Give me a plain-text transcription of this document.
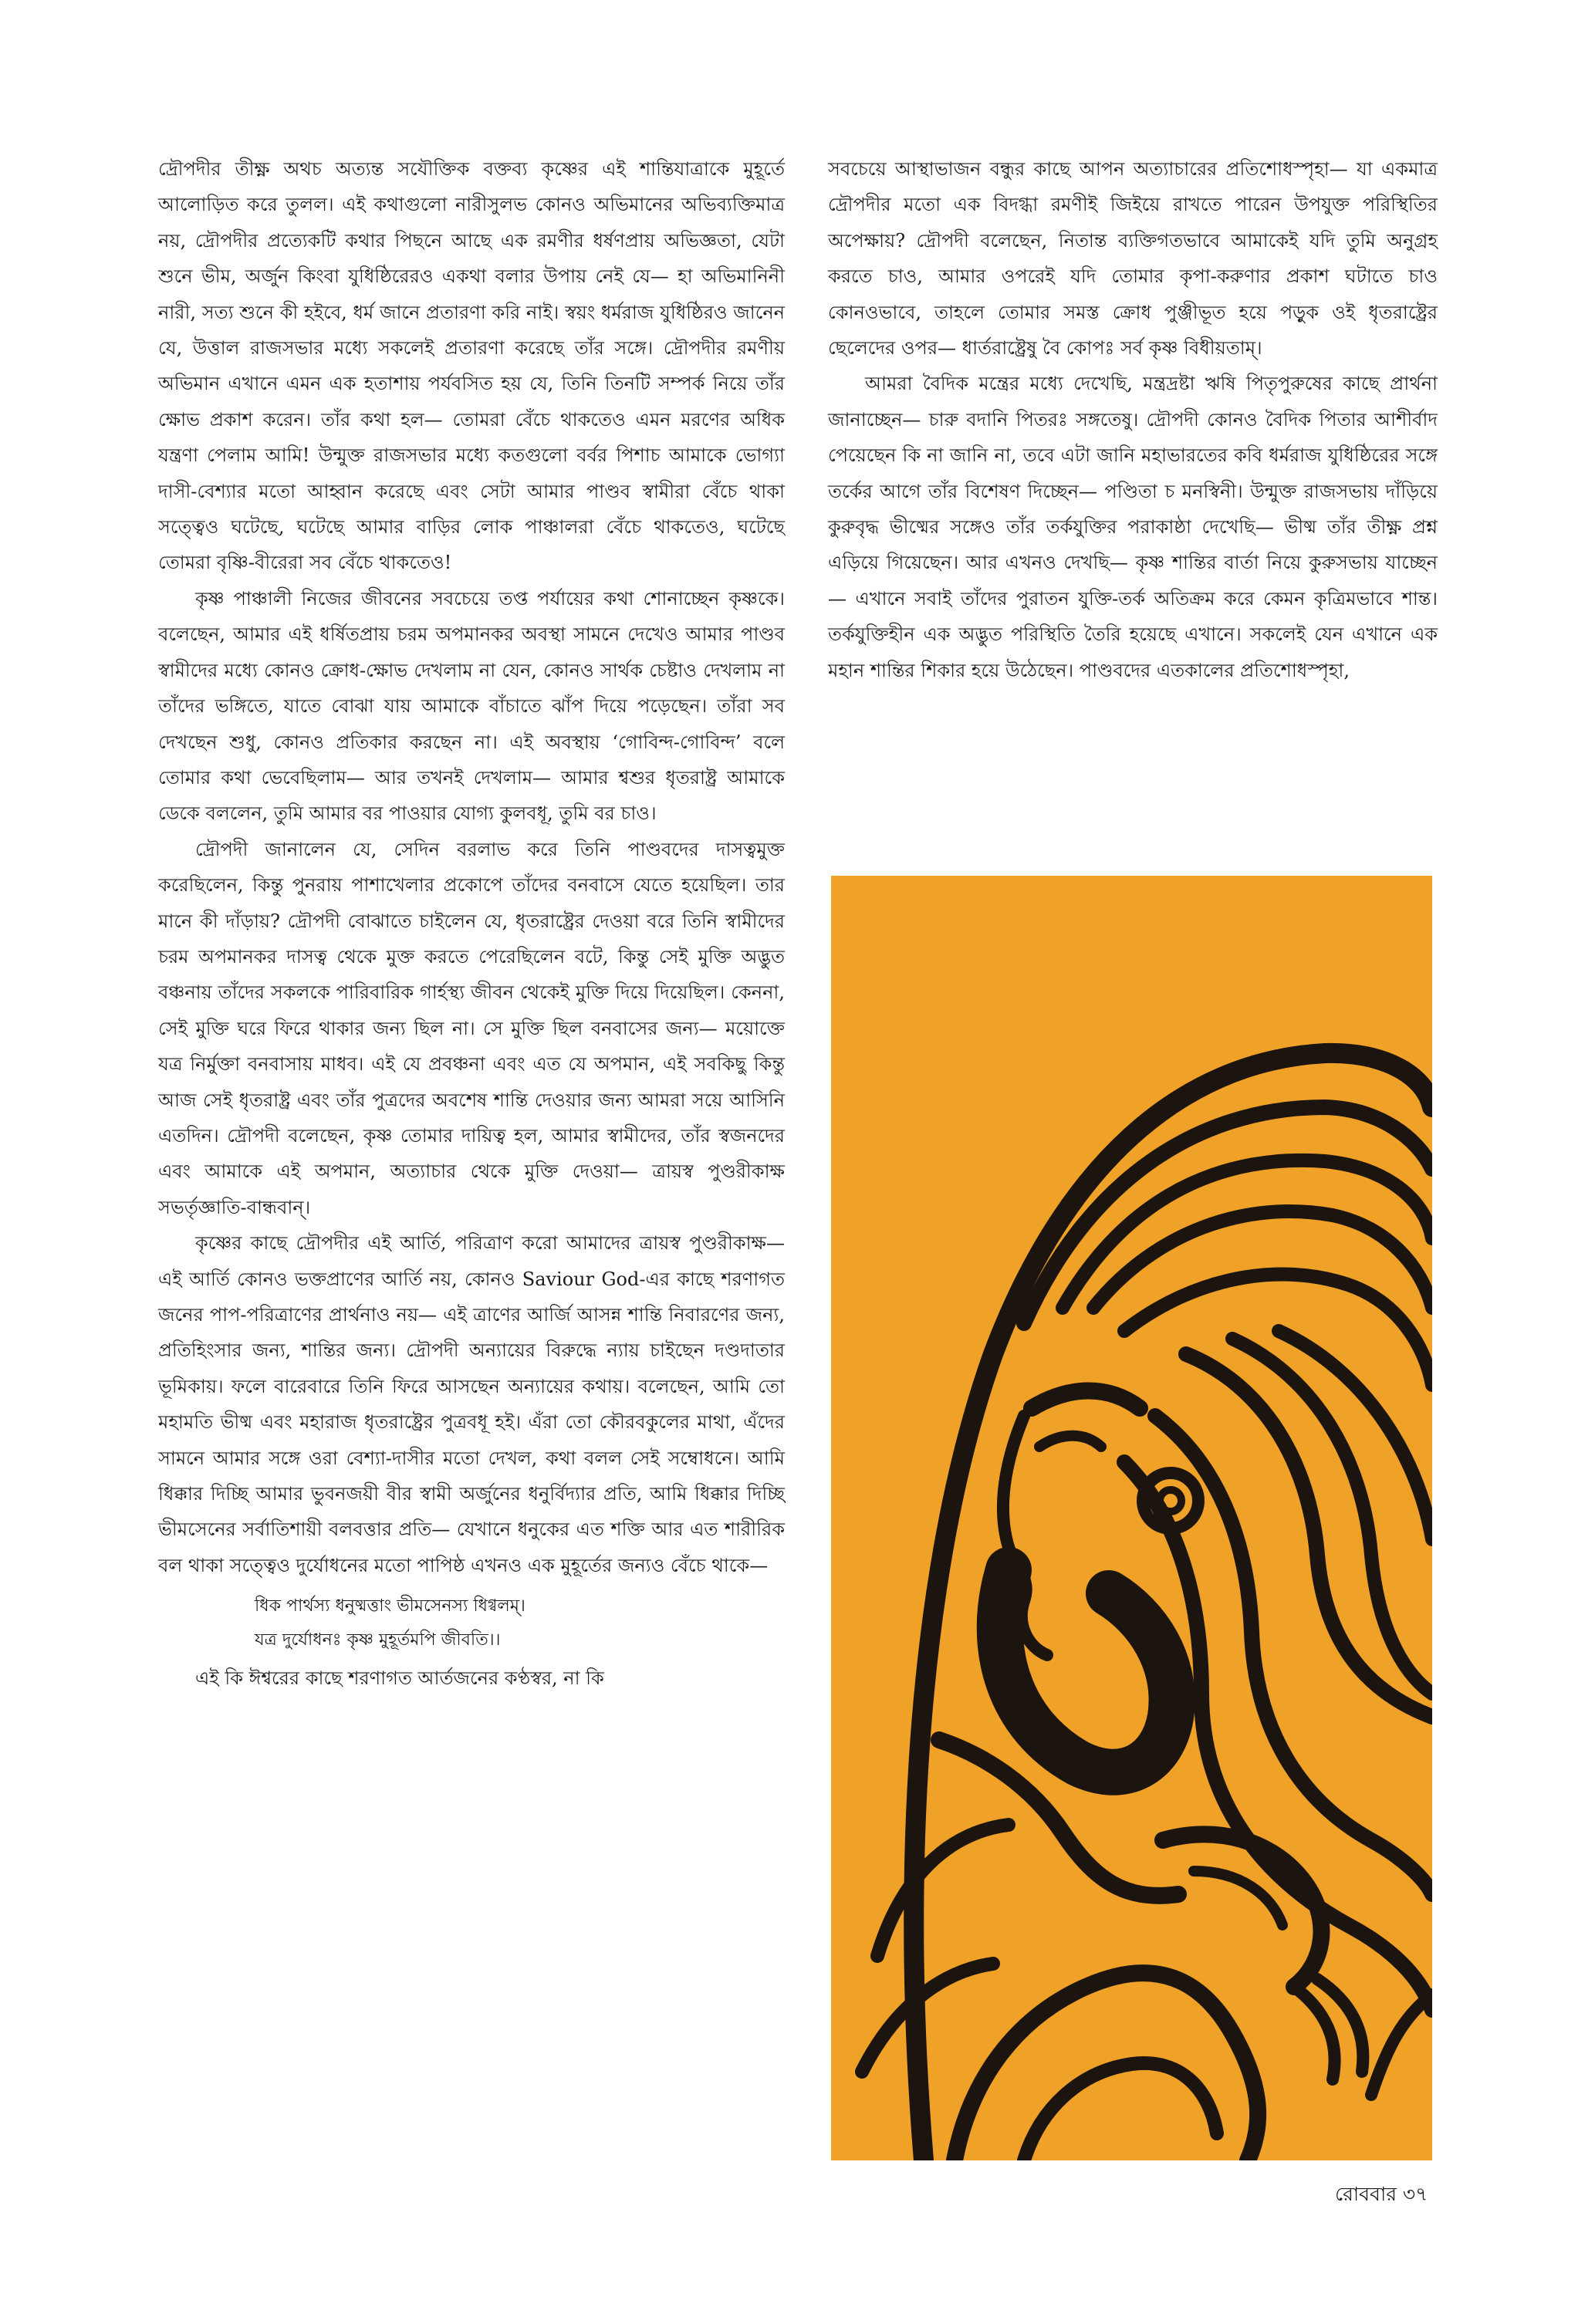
দ্রৌপদীর তীক্ষ্ণ অথচ অত্যন্ত সযৌক্তিক বক্তব্য কৃষ্ণের এই শান্তিযাত্রাকে মুহূর্তে আলোড়িত করে তুলল। এই কথাগুলো নারীসুলভ কোনও অভিমানের অভিব্যক্তিমাত্র নয়, দ্রৌপদীর প্রত্যেকটি কথার পিছনে আছে এক রমণীর ধর্ষণপ্রায় অভিজ্ঞতা, যেটা শুনে ভীম, অর্জুন কিংবা যুধিষ্ঠিরেরও একথা বলার উপায় নেই যে— হা অভিমানিনী নারী, সত্য শুনে কী হইবে, ধর্ম জানে প্রতারণা করি নাই। স্বয়ং ধর্মরাজ যুধিষ্ঠিরও জানেন যে, উত্তাল রাজসভার মধ্যে সকলেই প্রতারণা করেছে তাঁর সঙ্গে। দ্রৌপদীর রমণীয় অভিমান এখানে এমন এক হতাশায় পর্যবসিত হয় যে, তিনি তিনটি সম্পর্ক নিয়ে তাঁর ক্ষোভ প্রকাশ করেন। তাঁর কথা হল— তোমরা বেঁচে থাকতেও এমন মরণের অধিক যন্ত্রণা পেলাম আমি! উন্মুক্ত রাজসভার মধ্যে কতগুলো বর্বর পিশাচ আমাকে ভোগ্যা দাসী-বেশ্যার মতো আহ্বান করেছে এবং সেটা আমার পাণ্ডব স্বামীরা বেঁচে থাকা সত্ত্বেও ঘটেছে, ঘটেছে আমার বাড়ির লোক পাঞ্চালরা বেঁচে থাকতেও, ঘটেছে তোমরা বৃষ্ণি-বীরেরা সব বেঁচে থাকতেও!

কৃষ্ণ পাঞ্চালী নিজের জীবনের সবচেয়ে তপ্ত পর্যায়ের কথা শোনাচ্ছেন কৃষ্ণকে। বলেছেন, আমার এই ধর্ষিতপ্রায় চরম অপমানকর অবস্থা সামনে দেখেও আমার পাণ্ডব স্বামীদের মধ্যে কোনও ক্রোধ-ক্ষোভ দেখলাম না যেন, কোনও সার্থক চেষ্টাও দেখলাম না তাঁদের ভঙ্গিতে, যাতে বোঝা যায় আমাকে বাঁচাতে ঝাঁপ দিয়ে পড়েছেন। তাঁরা সব দেখছেন শুধু, কোনও প্রতিকার করছেন না। এই অবস্থায় ‘গোবিন্দ-গোবিন্দ’ বলে তোমার কথা ভেবেছিলাম— আর তখনই দেখলাম— আমার শ্বশুর ধৃতরাষ্ট্র আমাকে ডেকে বললেন, তুমি আমার বর পাওয়ার যোগ্য কুলবধূ, তুমি বর চাও।

দ্রৌপদী জানালেন যে, সেদিন বরলাভ করে তিনি পাণ্ডবদের দাসত্বমুক্ত করেছিলেন, কিন্তু পুনরায় পাশাখেলার প্রকোপে তাঁদের বনবাসে যেতে হয়েছিল। তার মানে কী দাঁড়ায়? দ্রৌপদী বোঝাতে চাইলেন যে, ধৃতরাষ্ট্রের দেওয়া বরে তিনি স্বামীদের চরম অপমানকর দাসত্ব থেকে মুক্ত করতে পেরেছিলেন বটে, কিন্তু সেই মুক্তি অদ্ভুত বঞ্চনায় তাঁদের সকলকে পারিবারিক গার্হস্থ্য জীবন থেকেই মুক্তি দিয়ে দিয়েছিল। কেননা, সেই মুক্তি ঘরে ফিরে থাকার জন্য ছিল না। সে মুক্তি ছিল বনবাসের জন্য— ময়োক্তে যত্র নির্মুক্তা বনবাসায় মাধব। এই যে প্রবঞ্চনা এবং এত যে অপমান, এই সবকিছু কিন্তু আজ সেই ধৃতরাষ্ট্র এবং তাঁর পুত্রদের অবশেষ শান্তি দেওয়ার জন্য আমরা সয়ে আসিনি এতদিন। দ্রৌপদী বলেছেন, কৃষ্ণ তোমার দায়িত্ব হল, আমার স্বামীদের, তাঁর স্বজনদের এবং আমাকে এই অপমান, অত্যাচার থেকে মুক্তি দেওয়া— ত্রায়স্ব পুণ্ডরীকাক্ষ সভর্তৃজ্ঞাতি-বান্ধবান্।

কৃষ্ণের কাছে দ্রৌপদীর এই আর্তি, পরিত্রাণ করো আমাদের ত্রায়স্ব পুণ্ডরীকাক্ষ— এই আর্তি কোনও ভক্তপ্রাণের আর্তি নয়, কোনও Saviour God-এর কাছে শরণাগত জনের পাপ-পরিত্রাণের প্রার্থনাও নয়— এই ত্রাণের আর্জি আসন্ন শান্তি নিবারণের জন্য, প্রতিহিংসার জন্য, শান্তির জন্য। দ্রৌপদী অন্যায়ের বিরুদ্ধে ন্যায় চাইছেন দণ্ডদাতার ভূমিকায়। ফলে বারেবারে তিনি ফিরে আসছেন অন্যায়ের কথায়। বলেছেন, আমি তো মহামতি ভীষ্ম এবং মহারাজ ধৃতরাষ্ট্রের পুত্রবধূ হই। এঁরা তো কৌরবকুলের মাথা, এঁদের সামনে আমার সঙ্গে ওরা বেশ্যা-দাসীর মতো দেখল, কথা বলল সেই সম্বোধনে। আমি ধিক্কার দিচ্ছি আমার ভুবনজয়ী বীর স্বামী অর্জুনের ধনুর্বিদ্যার প্রতি, আমি ধিক্কার দিচ্ছি ভীমসেনের সর্বাতিশায়ী বলবত্তার প্রতি— যেখানে ধনুকের এত শক্তি আর এত শারীরিক বল থাকা সত্ত্বেও দুর্যোধনের মতো পাপিষ্ঠ এখনও এক মুহূর্তের জন্যও বেঁচে থাকে—

ধিক পার্থস্য ধনুষ্মত্তাং ভীমসেনস্য ধিগ্বলম্।
যত্র দুর্যোধনঃ কৃষ্ণ মুহূর্তমপি জীবতি।।

এই কি ঈশ্বরের কাছে শরণাগত আর্তজনের কণ্ঠস্বর, না কি

সবচেয়ে আস্থাভাজন বন্ধুর কাছে আপন অত্যাচারের প্রতিশোধস্পৃহা— যা একমাত্র দ্রৌপদীর মতো এক বিদগ্ধা রমণীই জিইয়ে রাখতে পারেন উপযুক্ত পরিস্থিতির অপেক্ষায়? দ্রৌপদী বলেছেন, নিতান্ত ব্যক্তিগতভাবে আমাকেই যদি তুমি অনুগ্রহ করতে চাও, আমার ওপরেই যদি তোমার কৃপা-করুণার প্রকাশ ঘটাতে চাও কোনওভাবে, তাহলে তোমার সমস্ত ক্রোধ পুঞ্জীভূত হয়ে পড়ুক ওই ধৃতরাষ্ট্রের ছেলেদের ওপর— ধার্তরাষ্ট্রেষু বৈ কোপঃ সর্ব কৃষ্ণ বিধীয়তাম্।

আমরা বৈদিক মন্ত্রের মধ্যে দেখেছি, মন্ত্রদ্রষ্টা ঋষি পিতৃপুরুষের কাছে প্রার্থনা জানাচ্ছেন— চারু বদানি পিতরঃ সঙ্গতেষু। দ্রৌপদী কোনও বৈদিক পিতার আশীর্বাদ পেয়েছেন কি না জানি না, তবে এটা জানি মহাভারতের কবি ধর্মরাজ যুধিষ্ঠিরের সঙ্গে তর্কের আগে তাঁর বিশেষণ দিচ্ছেন— পণ্ডিতা চ মনস্বিনী। উন্মুক্ত রাজসভায় দাঁড়িয়ে কুরুবৃদ্ধ ভীষ্মের সঙ্গেও তাঁর তর্কযুক্তির পরাকাষ্ঠা দেখেছি— ভীষ্ম তাঁর তীক্ষ্ণ প্রশ্ন এড়িয়ে গিয়েছেন। আর এখনও দেখছি— কৃষ্ণ শান্তির বার্তা নিয়ে কুরুসভায় যাচ্ছেন— এখানে সবাই তাঁদের পুরাতন যুক্তি-তর্ক অতিক্রম করে কেমন কৃত্রিমভাবে শান্ত। তর্কযুক্তিহীন এক অদ্ভুত পরিস্থিতি তৈরি হয়েছে এখানে। সকলেই যেন এখানে এক মহান শান্তির শিকার হয়ে উঠেছেন। পাণ্ডবদের এতকালের প্রতিশোধস্পৃহা,

রোববার ৩৭
